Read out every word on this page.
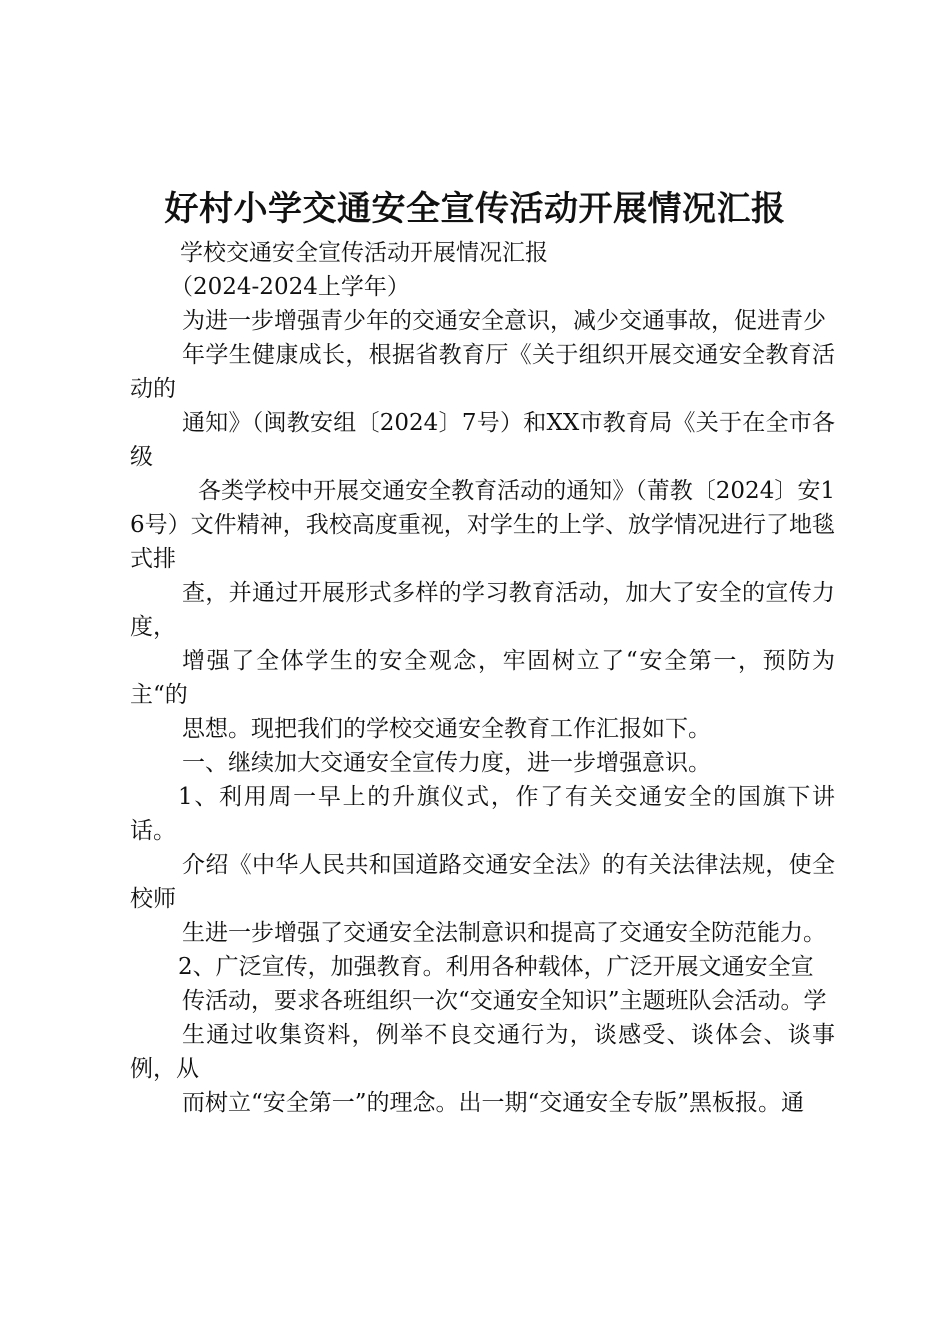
好村小学交通安全宣传活动开展情况汇报

学校交通安全宣传活动开展情况汇报

（2024-2024上学年）

为进一步增强青少年的交通安全意识，减少交通事故，促进青少

年学生健康成长，根据省教育厅《关于组织开展交通安全教育活动的

通知》（闽教安组〔2024〕7号）和XX市教育局《关于在全市各级

各类学校中开展交通安全教育活动的通知》（莆教〔2024〕安16号）文件精神，我校高度重视，对学生的上学、放学情况进行了地毯式排

查，并通过开展形式多样的学习教育活动，加大了安全的宣传力度，

增强了全体学生的安全观念，牢固树立了“安全第一，预防为主“的

思想。现把我们的学校交通安全教育工作汇报如下。

一、继续加大交通安全宣传力度，进一步增强意识。

1、利用周一早上的升旗仪式，作了有关交通安全的国旗下讲话。

介绍《中华人民共和国道路交通安全法》的有关法律法规，使全校师

生进一步增强了交通安全法制意识和提高了交通安全防范能力。

2、广泛宣传，加强教育。利用各种载体，广泛开展文通安全宣

传活动，要求各班组织一次“交通安全知识”主题班队会活动。学

生通过收集资料，例举不良交通行为，谈感受、谈体会、谈事例，从

而树立“安全第一”的理念。出一期“交通安全专版”黑板报。通
